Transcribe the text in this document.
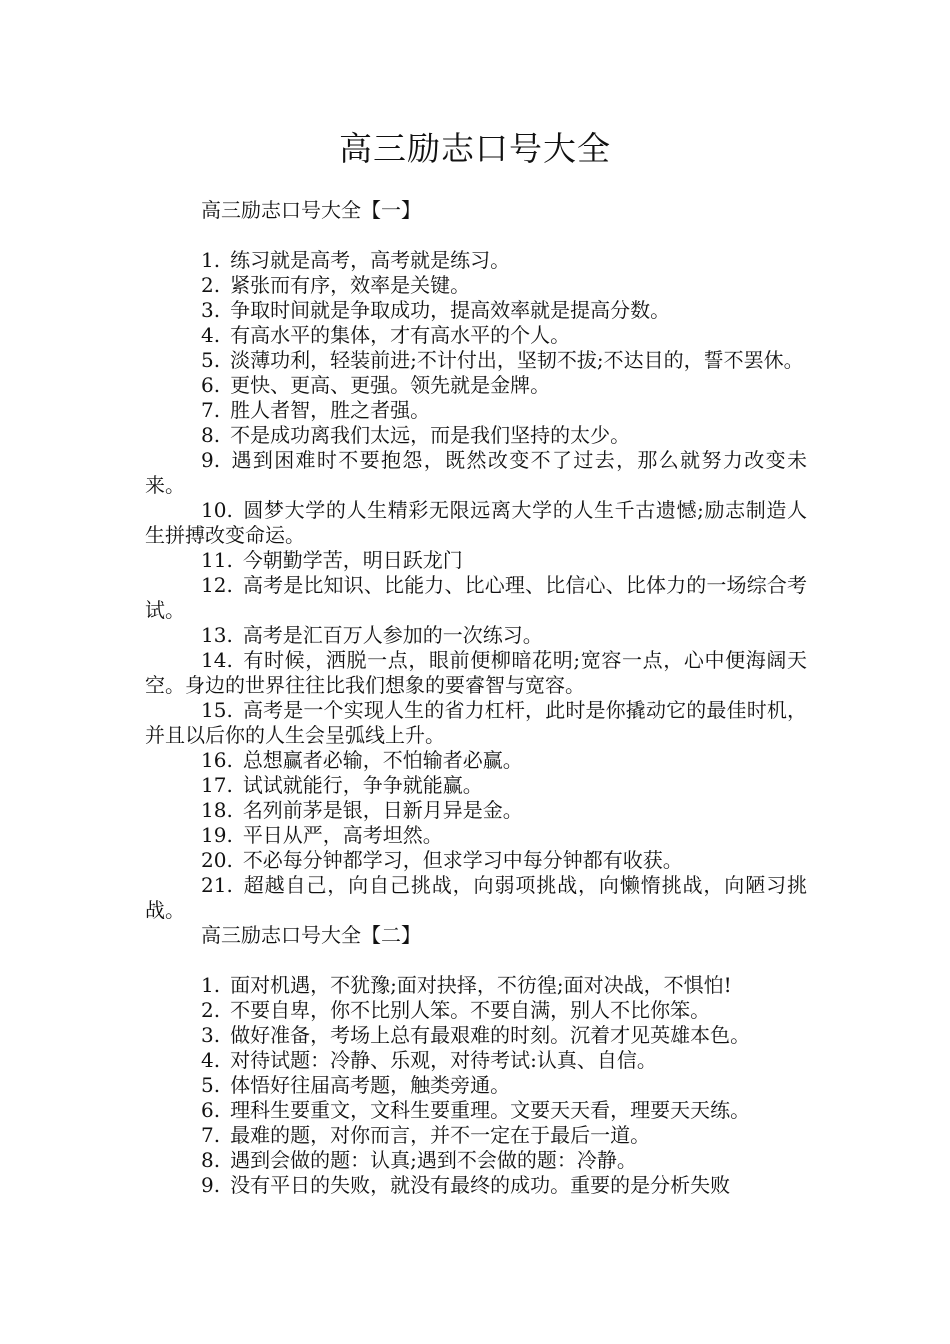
高三励志口号大全

高三励志口号大全【一】

1. 练习就是高考，高考就是练习。
2. 紧张而有序，效率是关键。
3. 争取时间就是争取成功，提高效率就是提高分数。
4. 有高水平的集体，才有高水平的个人。
5. 淡薄功利，轻装前进;不计付出，坚韧不拔;不达目的，誓不罢休。
6. 更快、更高、更强。领先就是金牌。
7. 胜人者智，胜之者强。
8. 不是成功离我们太远，而是我们坚持的太少。
9. 遇到困难时不要抱怨，既然改变不了过去，那么就努力改变未来。
10. 圆梦大学的人生精彩无限远离大学的人生千古遗憾;励志制造人生拼搏改变命运。
11. 今朝勤学苦，明日跃龙门
12. 高考是比知识、比能力、比心理、比信心、比体力的一场综合考试。
13. 高考是汇百万人参加的一次练习。
14. 有时候，洒脱一点，眼前便柳暗花明;宽容一点，心中便海阔天空。身边的世界往往比我们想象的要睿智与宽容。
15. 高考是一个实现人生的省力杠杆，此时是你撬动它的最佳时机，并且以后你的人生会呈弧线上升。
16. 总想赢者必输，不怕输者必赢。
17. 试试就能行，争争就能赢。
18. 名列前茅是银，日新月异是金。
19. 平日从严，高考坦然。
20. 不必每分钟都学习，但求学习中每分钟都有收获。
21. 超越自己，向自己挑战，向弱项挑战，向懒惰挑战，向陋习挑战。

高三励志口号大全【二】

1. 面对机遇，不犹豫;面对抉择，不彷徨;面对决战，不惧怕!
2. 不要自卑，你不比别人笨。不要自满，别人不比你笨。
3. 做好准备，考场上总有最艰难的时刻。沉着才见英雄本色。
4. 对待试题：冷静、乐观，对待考试:认真、自信。
5. 体悟好往届高考题，触类旁通。
6. 理科生要重文，文科生要重理。文要天天看，理要天天练。
7. 最难的题，对你而言，并不一定在于最后一道。
8. 遇到会做的题：认真;遇到不会做的题：冷静。
9. 没有平日的失败，就没有最终的成功。重要的是分析失败
